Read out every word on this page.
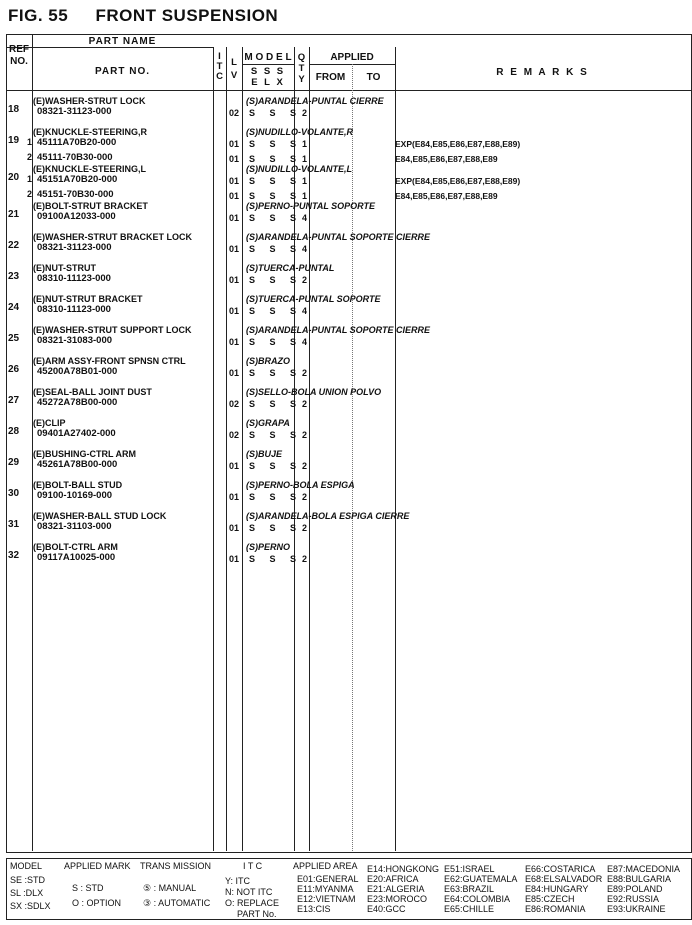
FIG. 55 FRONT SUSPENSION
REF
NO.
PART NAME
PART NO.
I
T
C
L
V
M O D E L
S S S
E L X
Q
T
Y
APPLIED
FROM	TO	R E M A R K S
18
(E)WASHER-STRUT LOCK	(S)ARANDELA-PUNTAL CIERRE
08321-31123-000	02 S S S 2
19
(E)KNUCKLE-STEERING,R	(S)NUDILLO-VOLANTE,R
1 45111A70B20-000	01 S S S 1	EXP(E84,E85,E86,E87,E88,E89)
2 45111-70B30-000	01 S S S 1	E84,E85,E86,E87,E88,E89
20
(E)KNUCKLE-STEERING,L	(S)NUDILLO-VOLANTE,L
1 45151A70B20-000	01 S S S 1	EXP(E84,E85,E86,E87,E88,E89)
2 45151-70B30-000	01 S S S 1	E84,E85,E86,E87,E88,E89
21
(E)BOLT-STRUT BRACKET	(S)PERNO-PUNTAL SOPORTE
09100A12033-000	01 S S S 4
22
(E)WASHER-STRUT BRACKET LOCK	(S)ARANDELA-PUNTAL SOPORTE CIERRE
08321-31123-000	01 S S S 4
23
(E)NUT-STRUT	(S)TUERCA-PUNTAL
08310-11123-000	01 S S S 2
24
(E)NUT-STRUT BRACKET	(S)TUERCA-PUNTAL SOPORTE
08310-11123-000	01 S S S 4
25
(E)WASHER-STRUT SUPPORT LOCK	(S)ARANDELA-PUNTAL SOPORTE CIERRE
08321-31083-000	01 S S S 4
26
(E)ARM ASSY-FRONT SPNSN CTRL	(S)BRAZO
45200A78B01-000	01 S S S 2
27
(E)SEAL-BALL JOINT DUST	(S)SELLO-BOLA UNION POLVO
45272A78B00-000	02 S S S 2
28
(E)CLIP	(S)GRAPA
09401A27402-000	02 S S S 2
29
(E)BUSHING-CTRL ARM	(S)BUJE
45261A78B00-000	01 S S S 2
30
(E)BOLT-BALL STUD	(S)PERNO-BOLA ESPIGA
09100-10169-000	01 S S S 2
31
(E)WASHER-BALL STUD LOCK	(S)ARANDELA-BOLA ESPIGA CIERRE
08321-31103-000	01 S S S 2
32
(E)BOLT-CTRL ARM	(S)PERNO
09117A10025-000	01 S S S 2
MODEL
SE :STD
SL :DLX
SX :SDLX
APPLIED MARK
S : STD
O : OPTION
TRANS MISSION
⑤ : MANUAL
③ : AUTOMATIC
I T C
Y: ITC
N: NOT ITC
O: REPLACE
PART No.
APPLIED AREA
E01:GENERAL
E11:MYANMA
E12:VIETNAM
E13:CIS
E14:HONGKONG
E20:AFRICA
E21:ALGERIA
E23:MOROCO
E40:GCC
E51:ISRAEL
E62:GUATEMALA
E63:BRAZIL
E64:COLOMBIA
E65:CHILLE
E66:COSTARICA
E68:ELSALVADOR
E84:HUNGARY
E85:CZECH
E86:ROMANIA
E87:MACEDONIA
E88:BULGARIA
E89:POLAND
E92:RUSSIA
E93:UKRAINE
